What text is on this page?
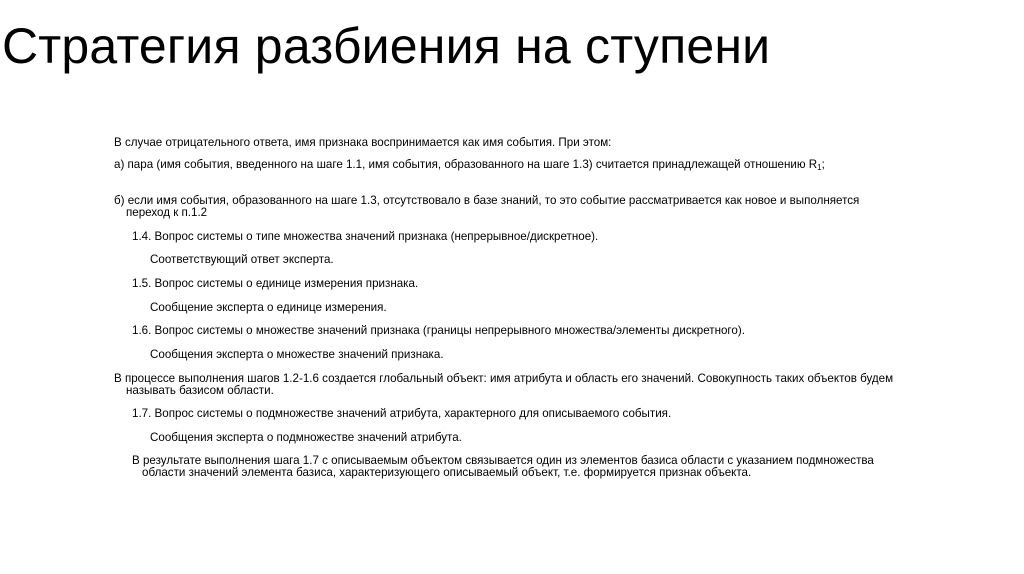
Стратегия разбиения на ступени

В случае отрицательного ответа, имя признака воспринимается как имя события. При этом:

а) пара (имя события, введенного на шаге 1.1, имя события, образованного на шаге 1.3) считается принадлежащей отношению $R_1$;

б) если имя события, образованного на шаге 1.3, отсутствовало в базе знаний, то это событие рассматривается как новое и выполняется переход к п.1.2

1.4. Вопрос системы о типе множества значений признака (непрерывное/дискретное).

Соответствующий ответ эксперта.

1.5. Вопрос системы о единице измерения признака.

Сообщение эксперта о единице измерения.

1.6. Вопрос системы о множестве значений признака (границы непрерывного множества/элементы дискретного).

Сообщения эксперта о множестве значений признака.

В процессе выполнения шагов 1.2-1.6 создается глобальный объект: имя атрибута и область его значений. Совокупность таких объектов будем называть базисом области.

1.7. Вопрос системы о подмножестве значений атрибута, характерного для описываемого события.

Сообщения эксперта о подмножестве значений атрибута.

В результате выполнения шага 1.7 с описываемым объектом связывается один из элементов базиса области с указанием подмножества области значений элемента базиса, характеризующего описываемый объект, т.е. формируется признак объекта.
